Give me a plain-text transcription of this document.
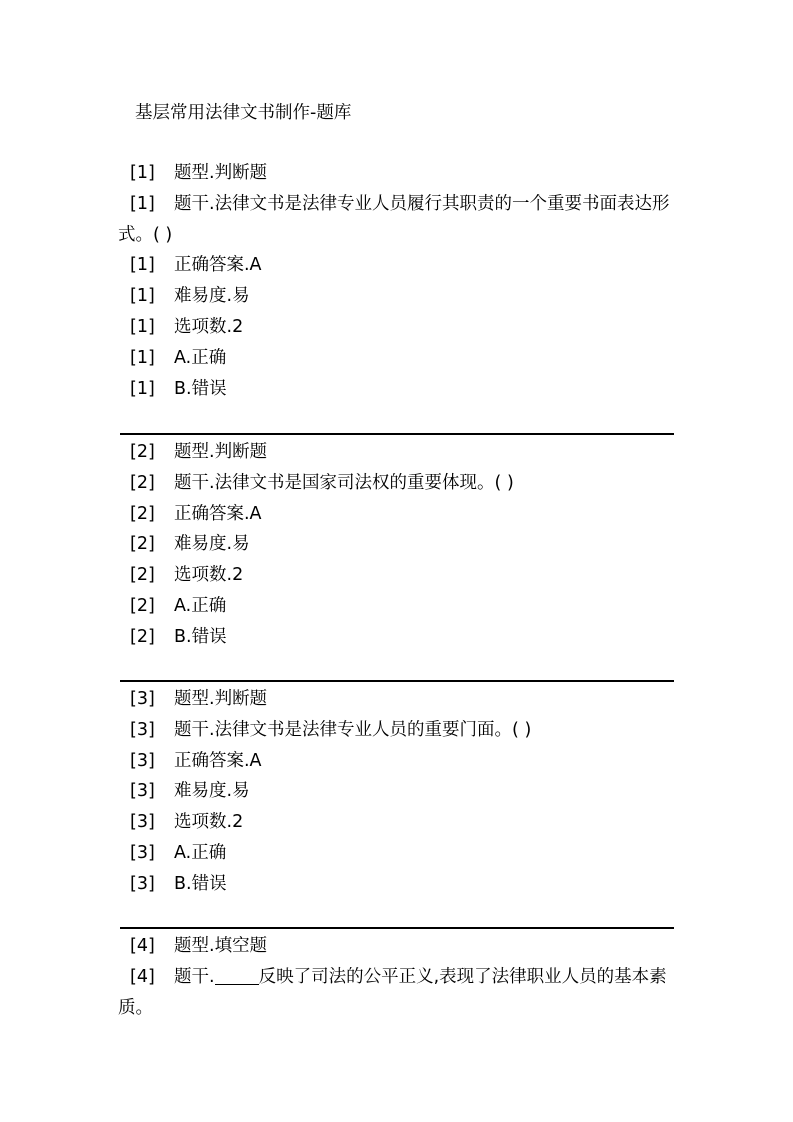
基层常用法律文书制作-题库
[1] 题型.判断题
[1] 题干.法律文书是法律专业人员履行其职责的一个重要书面表达形式。( )
[1] 正确答案.A
[1] 难易度.易
[1] 选项数.2
[1] A.正确
[1] B.错误
[2] 题型.判断题
[2] 题干.法律文书是国家司法权的重要体现。( )
[2] 正确答案.A
[2] 难易度.易
[2] 选项数.2
[2] A.正确
[2] B.错误
[3] 题型.判断题
[3] 题干.法律文书是法律专业人员的重要门面。( )
[3] 正确答案.A
[3] 难易度.易
[3] 选项数.2
[3] A.正确
[3] B.错误
[4] 题型.填空题
[4] 题干.	反映了司法的公平正义,表现了法律职业人员的基本素质。
